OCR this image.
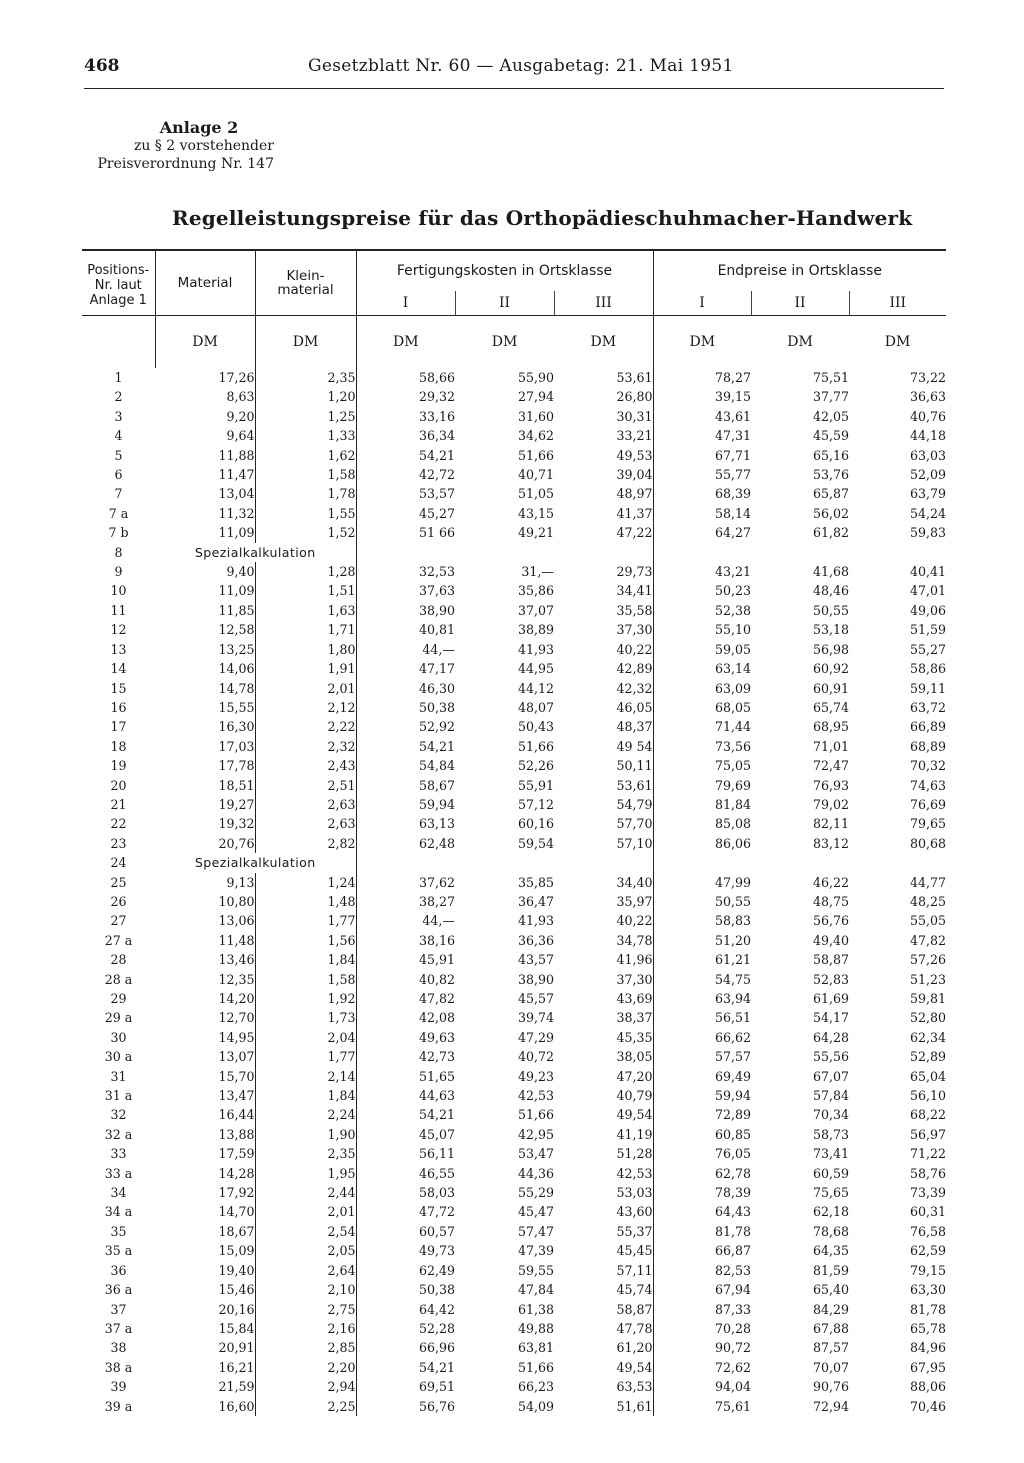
468	Gesetzblatt Nr. 60 — Ausgabetag: 21. Mai 1951
Anlage 2
zu § 2 vorstehender
Preisverordnung Nr. 147
Regelleistungspreise für das Orthopädieschuhmacher-Handwerk
Positions-Nr. laut Anlage 1	Material	Klein-material	Fertigungskosten in Ortsklasse			Endpreise in Ortsklasse		
			I	II	III	I	II	III
	DM	DM	DM	DM	DM	DM	DM	DM
1	17,26	2,35	58,66	55,90	53,61	78,27	75,51	73,22
2	8,63	1,20	29,32	27,94	26,80	39,15	37,77	36,63
3	9,20	1,25	33,16	31,60	30,31	43,61	42,05	40,76
4	9,64	1,33	36,34	34,62	33,21	47,31	45,59	44,18
5	11,88	1,62	54,21	51,66	49,53	67,71	65,16	63,03
6	11,47	1,58	42,72	40,71	39,04	55,77	53,76	52,09
7	13,04	1,78	53,57	51,05	48,97	68,39	65,87	63,79
7 a	11,32	1,55	45,27	43,15	41,37	58,14	56,02	54,24
7 b	11,09	1,52	51 66	49,21	47,22	64,27	61,82	59,83
8	Spezialkalkulation							
9	9,40	1,28	32,53	31,—	29,73	43,21	41,68	40,41
10	11,09	1,51	37,63	35,86	34,41	50,23	48,46	47,01
11	11,85	1,63	38,90	37,07	35,58	52,38	50,55	49,06
12	12,58	1,71	40,81	38,89	37,30	55,10	53,18	51,59
13	13,25	1,80	44,—	41,93	40,22	59,05	56,98	55,27
14	14,06	1,91	47,17	44,95	42,89	63,14	60,92	58,86
15	14,78	2,01	46,30	44,12	42,32	63,09	60,91	59,11
16	15,55	2,12	50,38	48,07	46,05	68,05	65,74	63,72
17	16,30	2,22	52,92	50,43	48,37	71,44	68,95	66,89
18	17,03	2,32	54,21	51,66	49 54	73,56	71,01	68,89
19	17,78	2,43	54,84	52,26	50,11	75,05	72,47	70,32
20	18,51	2,51	58,67	55,91	53,61	79,69	76,93	74,63
21	19,27	2,63	59,94	57,12	54,79	81,84	79,02	76,69
22	19,32	2,63	63,13	60,16	57,70	85,08	82,11	79,65
23	20,76	2,82	62,48	59,54	57,10	86,06	83,12	80,68
24	Spezialkalkulation							
25	9,13	1,24	37,62	35,85	34,40	47,99	46,22	44,77
26	10,80	1,48	38,27	36,47	35,97	50,55	48,75	48,25
27	13,06	1,77	44,—	41,93	40,22	58,83	56,76	55,05
27 a	11,48	1,56	38,16	36,36	34,78	51,20	49,40	47,82
28	13,46	1,84	45,91	43,57	41,96	61,21	58,87	57,26
28 a	12,35	1,58	40,82	38,90	37,30	54,75	52,83	51,23
29	14,20	1,92	47,82	45,57	43,69	63,94	61,69	59,81
29 a	12,70	1,73	42,08	39,74	38,37	56,51	54,17	52,80
30	14,95	2,04	49,63	47,29	45,35	66,62	64,28	62,34
30 a	13,07	1,77	42,73	40,72	38,05	57,57	55,56	52,89
31	15,70	2,14	51,65	49,23	47,20	69,49	67,07	65,04
31 a	13,47	1,84	44,63	42,53	40,79	59,94	57,84	56,10
32	16,44	2,24	54,21	51,66	49,54	72,89	70,34	68,22
32 a	13,88	1,90	45,07	42,95	41,19	60,85	58,73	56,97
33	17,59	2,35	56,11	53,47	51,28	76,05	73,41	71,22
33 a	14,28	1,95	46,55	44,36	42,53	62,78	60,59	58,76
34	17,92	2,44	58,03	55,29	53,03	78,39	75,65	73,39
34 a	14,70	2,01	47,72	45,47	43,60	64,43	62,18	60,31
35	18,67	2,54	60,57	57,47	55,37	81,78	78,68	76,58
35 a	15,09	2,05	49,73	47,39	45,45	66,87	64,35	62,59
36	19,40	2,64	62,49	59,55	57,11	82,53	81,59	79,15
36 a	15,46	2,10	50,38	47,84	45,74	67,94	65,40	63,30
37	20,16	2,75	64,42	61,38	58,87	87,33	84,29	81,78
37 a	15,84	2,16	52,28	49,88	47,78	70,28	67,88	65,78
38	20,91	2,85	66,96	63,81	61,20	90,72	87,57	84,96
38 a	16,21	2,20	54,21	51,66	49,54	72,62	70,07	67,95
39	21,59	2,94	69,51	66,23	63,53	94,04	90,76	88,06
39 a	16,60	2,25	56,76	54,09	51,61	75,61	72,94	70,46
